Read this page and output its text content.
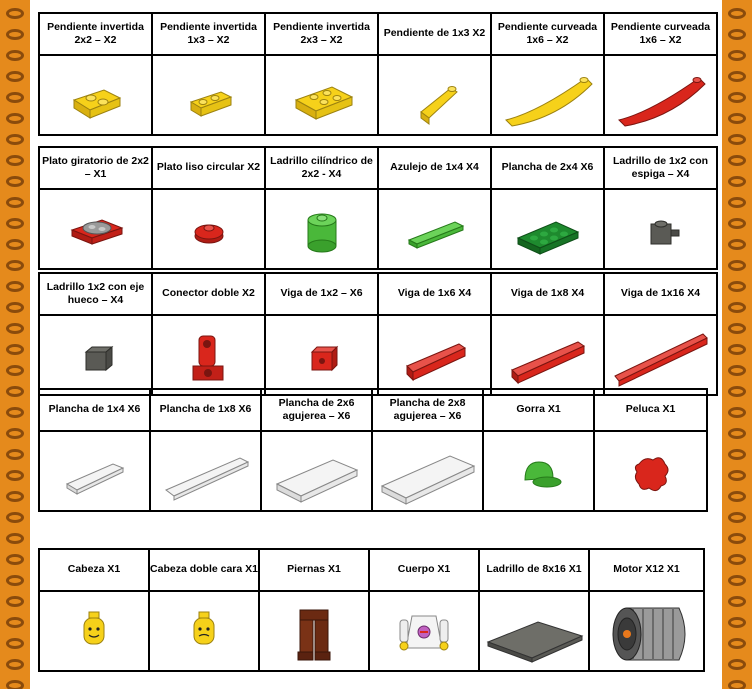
Pendiente invertida 2x2 – X2	Pendiente invertida 1x3 – X2	Pendiente invertida 2x3 – X2	Pendiente de 1x3 X2	Pendiente curveada 1x6 – X2	Pendiente curveada 1x6 – X2

Plato giratorio de 2x2 – X1	Plato liso circular X2	Ladrillo cilíndrico de 2x2 - X4	Azulejo de 1x4 X4	Plancha de 2x4 X6	Ladrillo de 1x2 con espiga – X4

Ladrillo 1x2 con eje hueco – X4	Conector doble X2	Viga de 1x2 – X6	Viga de 1x6 X4	Viga de 1x8 X4	Viga de 1x16 X4

Plancha de 1x4 X6	Plancha de 1x8 X6	Plancha de 2x6 agujerea – X6	Plancha de 2x8 agujerea – X6	Gorra X1	Peluca X1

Cabeza X1	Cabeza doble cara X1	Piernas X1	Cuerpo X1	Ladrillo de 8x16 X1	Motor X12 X1
